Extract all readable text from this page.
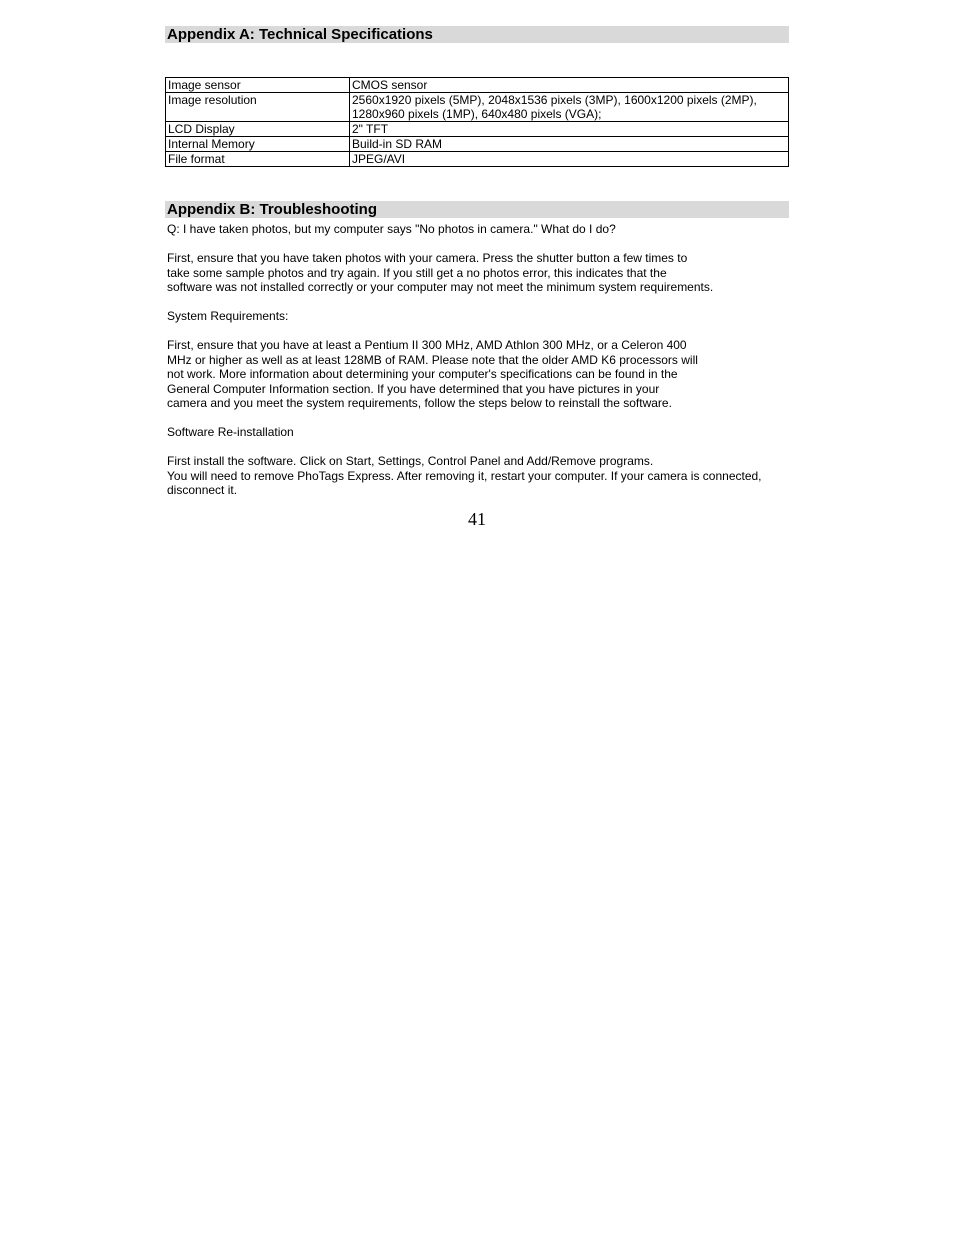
Appendix A: Technical Specifications
Image sensor	CMOS sensor
Image resolution	2560x1920 pixels (5MP), 2048x1536 pixels (3MP), 1600x1200 pixels (2MP),
1280x960 pixels (1MP), 640x480 pixels (VGA);
LCD Display	2" TFT
Internal Memory	Build-in SD RAM
File format	JPEG/AVI
Appendix B: Troubleshooting

Q: I have taken photos, but my computer says "No photos in camera." What do I do?

First, ensure that you have taken photos with your camera. Press the shutter button a few times to
take some sample photos and try again. If you still get a no photos error, this indicates that the
software was not installed correctly or your computer may not meet the minimum system requirements.

System Requirements:

First, ensure that you have at least a Pentium II 300 MHz, AMD Athlon 300 MHz, or a Celeron 400
MHz or higher as well as at least 128MB of RAM. Please note that the older AMD K6 processors will
not work. More information about determining your computer's specifications can be found in the
General Computer Information section. If you have determined that you have pictures in your
camera and you meet the system requirements, follow the steps below to reinstall the software.

Software Re-installation

First install the software. Click on Start, Settings, Control Panel and Add/Remove programs.
You will need to remove PhoTags Express. After removing it, restart your computer. If your camera is connected,
disconnect it.

41
